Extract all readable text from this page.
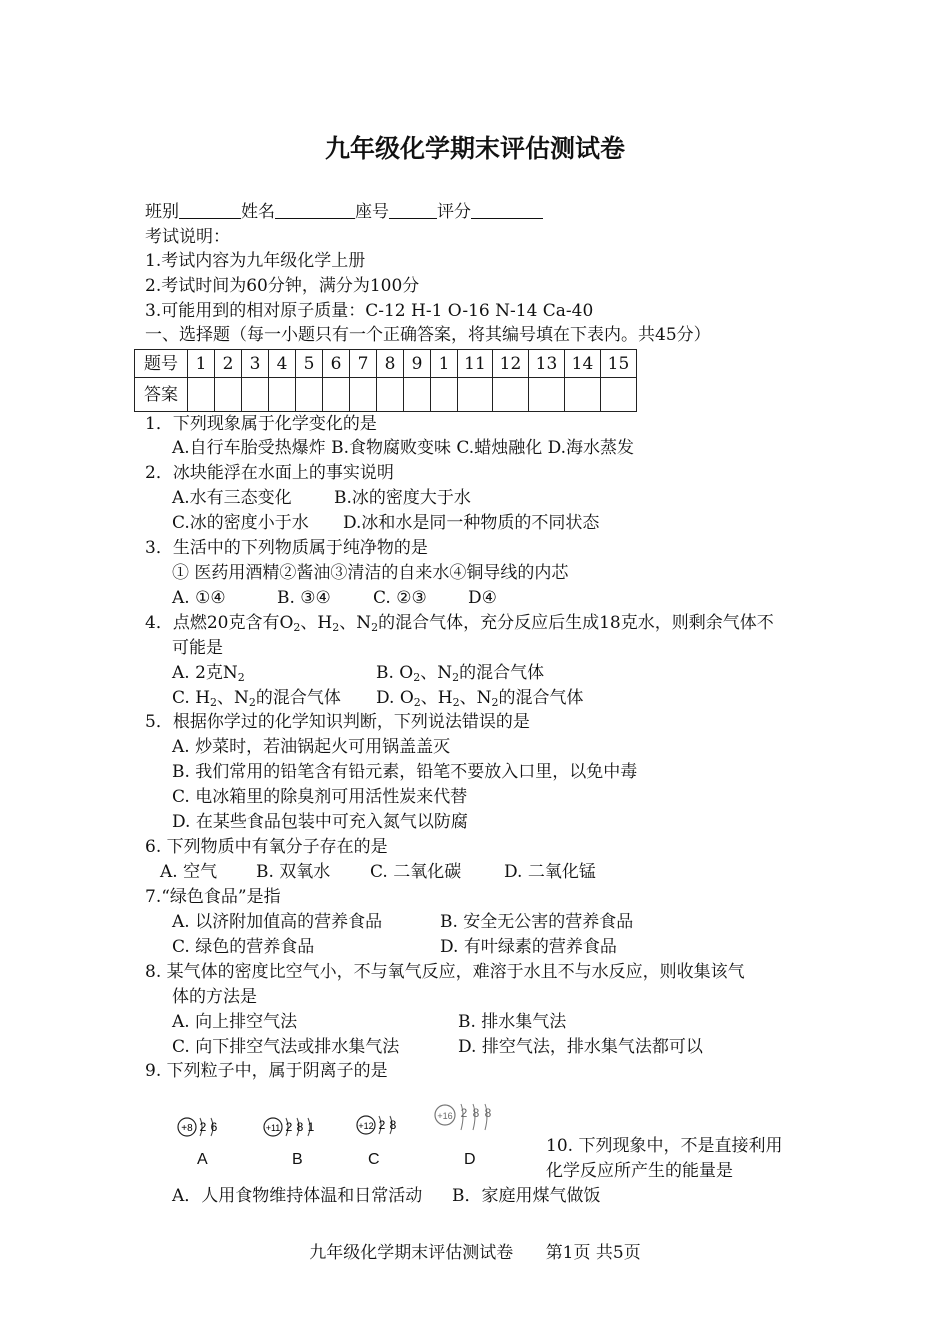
九年级化学期末评估测试卷
班别	姓名	座号	评分
考试说明：
1.考试内容为九年级化学上册
2.考试时间为60分钟，满分为100分
3.可能用到的相对原子质量：C-12 H-1 O-16 N-14 Ca-40
一、选择题（每一小题只有一个正确答案，将其编号填在下表内。共45分）
题号	1	2	3	4	5	6	7	8	9	1	11	12	13	14	15
答案															
1．下列现象属于化学变化的是
A.自行车胎受热爆炸 B.食物腐败变味 C.蜡烛融化 D.海水蒸发
2．冰块能浮在水面上的事实说明
A.水有三态变化 B.冰的密度大于水
C.冰的密度小于水 D.冰和水是同一种物质的不同状态
3．生活中的下列物质属于纯净物的是
① 医药用酒精②酱油③清洁的自来水④铜导线的内芯
A. ①④	B. ③④ C. ②③ D④
4．点燃20克含有$O_2$、$H_2$、$N_2$的混合气体，充分反应后生成18克水，则剩余气体不
可能是
A. 2克$N_2$	B. $O_2$、$N_2$的混合气体
C. $H_2$、$N_2$的混合气体 D. $O_2$、$H_2$、$N_2$的混合气体
5．根据你学过的化学知识判断，下列说法错误的是
A. 炒菜时，若油锅起火可用锅盖盖灭
B. 我们常用的铅笔含有铅元素，铅笔不要放入口里，以免中毒
C. 电冰箱里的除臭剂可用活性炭来代替
D. 在某些食品包装中可充入氮气以防腐
6. 下列物质中有氧分子存在的是
A. 空气 B. 双氧水 C. 二氧化碳	D. 二氧化锰
7.“绿色食品”是指
A. 以济附加值高的营养食品	B. 安全无公害的营养食品
C. 绿色的营养食品	D. 有叶绿素的营养食品
8. 某气体的密度比空气小，不与氧气反应，难溶于水且不与水反应，则收集该气
体的方法是
A. 向上排空气法	B. 排水集气法
C. 向下排空气法或排水集气法	D. 排空气法，排水集气法都可以
9. 下列粒子中，属于阴离子的是
+8 2 6
A
+11 2 8 1
B
+12 2 8
C
+16 2 8 8
D
10. 下列现象中，不是直接利用
化学反应所产生的能量是
A．人用食物维持体温和日常活动 B．家庭用煤气做饭
九年级化学期末评估测试卷 第1页 共5页
